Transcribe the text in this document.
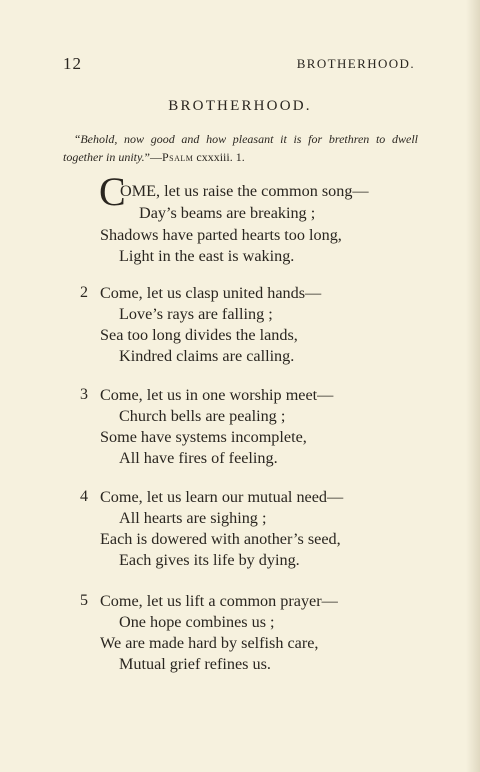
12	BROTHERHOOD.
BROTHERHOOD.
“Behold, now good and how pleasant it is for brethren to dwell
together in unity.”—Psalm cxxxiii. 1.
C
OME, let us raise the common song—
Day’s beams are breaking ;
Shadows have parted hearts too long,
Light in the east is waking.
2 Come, let us clasp united hands—
Love’s rays are falling ;
Sea too long divides the lands,
Kindred claims are calling.
3 Come, let us in one worship meet—
Church bells are pealing ;
Some have systems incomplete,
All have fires of feeling.
4 Come, let us learn our mutual need—
All hearts are sighing ;
Each is dowered with another’s seed,
Each gives its life by dying.
5 Come, let us lift a common prayer—
One hope combines us ;
We are made hard by selfish care,
Mutual grief refines us.
